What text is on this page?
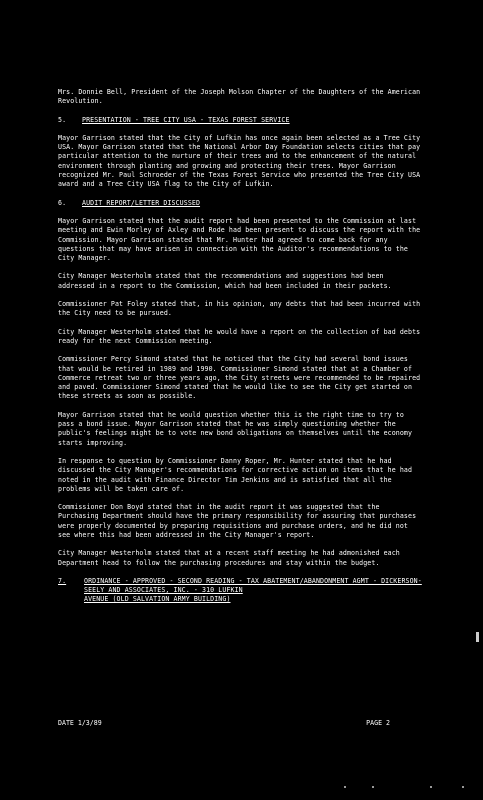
Mrs. Donnie Bell, President of the Joseph Molson Chapter of the Daughters of the American Revolution.

5. PRESENTATION - TREE CITY USA - TEXAS FOREST SERVICE

Mayor Garrison stated that the City of Lufkin has once again been selected as a Tree City USA. Mayor Garrison stated that the National Arbor Day Foundation selects cities that pay particular attention to the nurture of their trees and to the enhancement of the natural environment through planting and growing and protecting their trees. Mayor Garrison recognized Mr. Paul Schroeder of the Texas Forest Service who presented the Tree City USA award and a Tree City USA flag to the City of Lufkin.

6. AUDIT REPORT/LETTER DISCUSSED

Mayor Garrison stated that the audit report had been presented to the Commission at last meeting and Ewin Morley of Axley and Rode had been present to discuss the report with the Commission. Mayor Garrison stated that Mr. Hunter had agreed to come back for any questions that may have arisen in connection with the Auditor's recommendations to the City Manager.

City Manager Westerholm stated that the recommendations and suggestions had been addressed in a report to the Commission, which had been included in their packets.

Commissioner Pat Foley stated that, in his opinion, any debts that had been incurred with the City need to be pursued.

City Manager Westerholm stated that he would have a report on the collection of bad debts ready for the next Commission meeting.

Commissioner Percy Simond stated that he noticed that the City had several bond issues that would be retired in 1989 and 1990. Commissioner Simond stated that at a Chamber of Commerce retreat two or three years ago, the City streets were recommended to be repaired and paved. Commissioner Simond stated that he would like to see the City get started on these streets as soon as possible.

Mayor Garrison stated that he would question whether this is the right time to try to pass a bond issue. Mayor Garrison stated that he was simply questioning whether the public's feelings might be to vote new bond obligations on themselves until the economy starts improving.

In response to question by Commissioner Danny Roper, Mr. Hunter stated that he had discussed the City Manager's recommendations for corrective action on items that he had noted in the audit with Finance Director Tim Jenkins and is satisfied that all the problems will be taken care of.

Commissioner Don Boyd stated that in the audit report it was suggested that the Purchasing Department should have the primary responsibility for assuring that purchases were properly documented by preparing requisitions and purchase orders, and he did not see where this had been addressed in the City Manager's report.

City Manager Westerholm stated that at a recent staff meeting he had admonished each Department head to follow the purchasing procedures and stay within the budget.

7.	ORDINANCE - APPROVED - SECOND READING - TAX ABATEMENT/ABANDONMENT AGMT - DICKERSON-SEELY AND ASSOCIATES, INC. - 310 LUFKIN
AVENUE (OLD SALVATION ARMY BUILDING)
DATE 1/3/89	PAGE 2
